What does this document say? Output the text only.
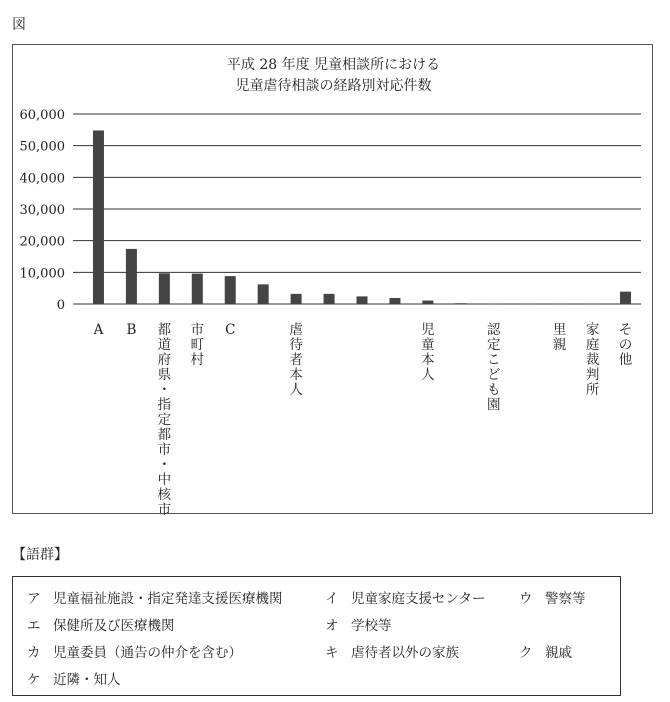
図
平成 28 年度 児童相談所における
児童虐待相談の経路別対応件数
0
10,000
20,000
30,000
40,000
50,000
60,000
A B 都道府県・指定都市・中核市
市町村
C	虐待者本人
児童本人
認定こども園
里親
家庭裁判所
その他
【語群】
ア 児童福祉施設・指定発達支援医療機関	イ 児童家庭支援センター ウ 警察等
エ 保健所及び医療機関	オ 学校等
カ 児童委員（通告の仲介を含む）	キ 虐待者以外の家族	ク 親戚
ケ 近隣・知人
